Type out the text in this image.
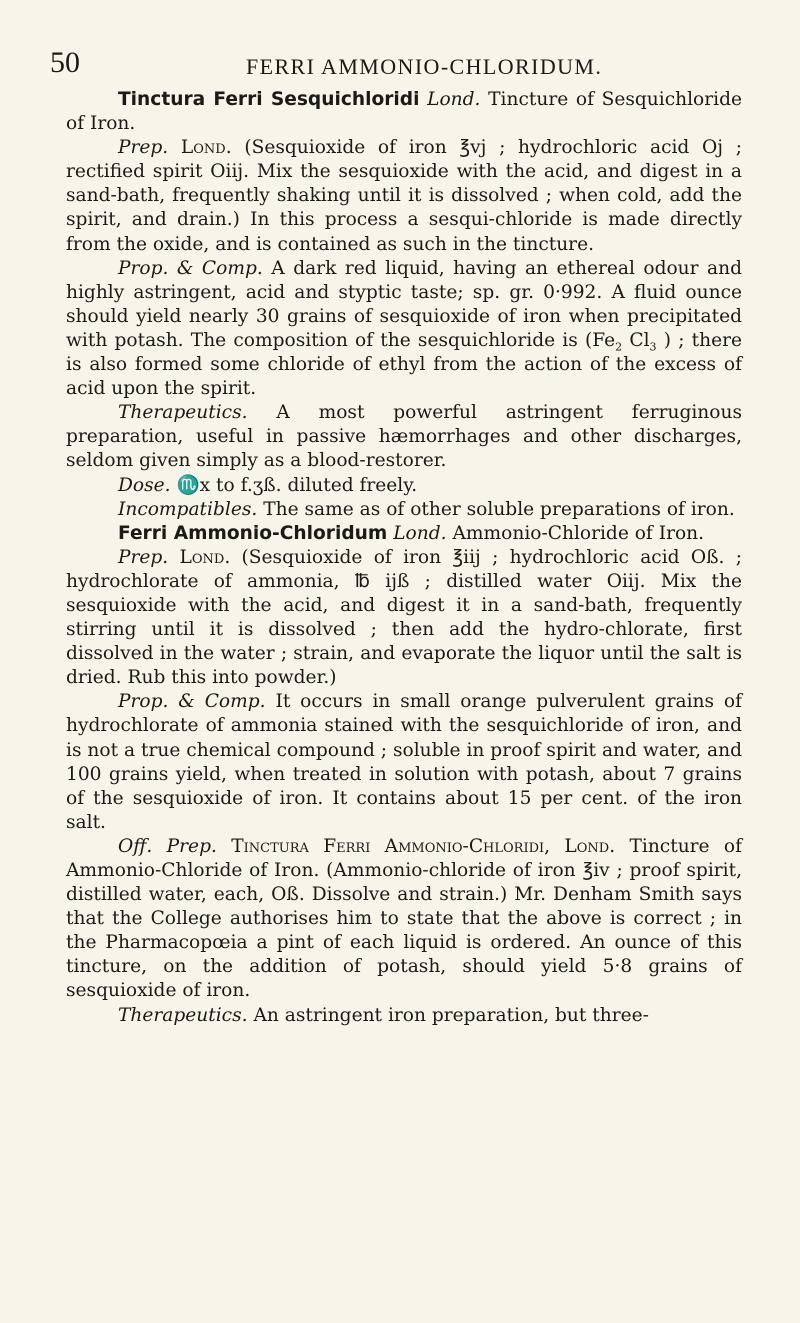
50	FERRI AMMONIO-CHLORIDUM.

Tinctura Ferri Sesquichloridi Lond. Tincture of Sesquichloride of Iron.

Prep. Lond. (Sesquioxide of iron ℥vj ; hydrochloric acid Oj ; rectified spirit Oiij. Mix the sesquioxide with the acid, and digest in a sand-bath, frequently shaking until it is dissolved ; when cold, add the spirit, and drain.) In this process a sesqui-chloride is made directly from the oxide, and is contained as such in the tincture.

Prop. & Comp. A dark red liquid, having an ethereal odour and highly astringent, acid and styptic taste; sp. gr. 0·992. A fluid ounce should yield nearly 30 grains of sesquioxide of iron when precipitated with potash. The composition of the sesquichloride is ($Fe_2$ $Cl_3$ ) ; there is also formed some chloride of ethyl from the action of the excess of acid upon the spirit.

Therapeutics. A most powerful astringent ferruginous preparation, useful in passive hæmorrhages and other discharges, seldom given simply as a blood-restorer.

Dose. ♏x to f.ʒß. diluted freely.

Incompatibles. The same as of other soluble preparations of iron.

Ferri Ammonio-Chloridum Lond. Ammonio-Chloride of Iron.

Prep. Lond. (Sesquioxide of iron ℥iij ; hydrochloric acid Oß. ; hydrochlorate of ammonia, ℔ ijß ; distilled water Oiij. Mix the sesquioxide with the acid, and digest it in a sand-bath, frequently stirring until it is dissolved ; then add the hydro-chlorate, first dissolved in the water ; strain, and evaporate the liquor until the salt is dried. Rub this into powder.)

Prop. & Comp. It occurs in small orange pulverulent grains of hydrochlorate of ammonia stained with the sesquichloride of iron, and is not a true chemical compound ; soluble in proof spirit and water, and 100 grains yield, when treated in solution with potash, about 7 grains of the sesquioxide of iron. It contains about 15 per cent. of the iron salt.

Off. Prep. Tinctura Ferri Ammonio-Chloridi, Lond. Tincture of Ammonio-Chloride of Iron. (Ammonio-chloride of iron ℥iv ; proof spirit, distilled water, each, Oß. Dissolve and strain.) Mr. Denham Smith says that the College authorises him to state that the above is correct ; in the Pharmacopœia a pint of each liquid is ordered. An ounce of this tincture, on the addition of potash, should yield 5·8 grains of sesquioxide of iron.

Therapeutics. An astringent iron preparation, but three-
